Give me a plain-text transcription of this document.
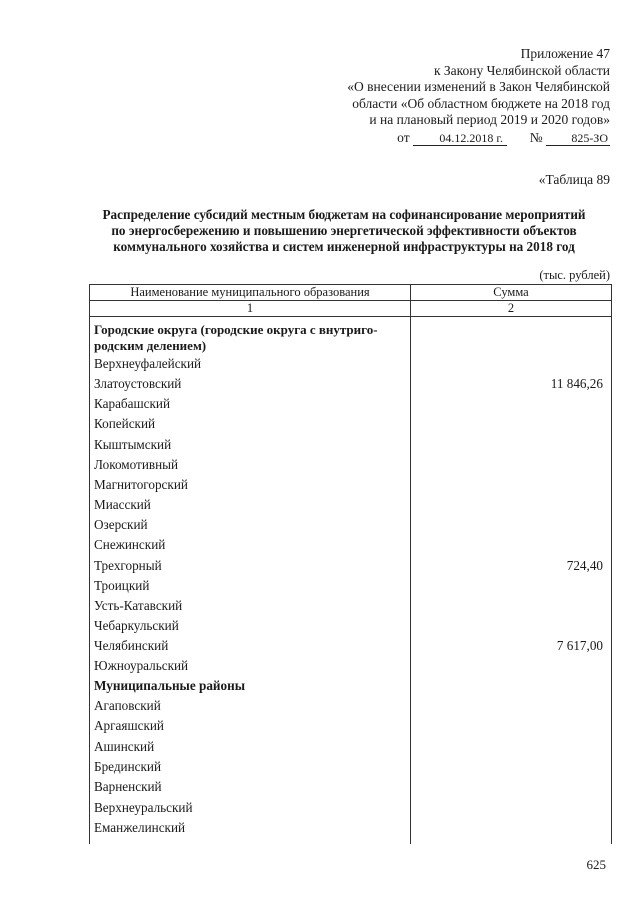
Приложение 47
к Закону Челябинской области
«О внесении изменений в Закон Челябинской
области «Об областном бюджете на 2018 год
и на плановый период 2019 и 2020 годов»
от 04.12.2018 г. № 825-ЗО
«Таблица 89
Распределение субсидий местным бюджетам на софинансирование мероприятий
по энергосбережению и повышению энергетической эффективности объектов
коммунального хозяйства и систем инженерной инфраструктуры на 2018 год
(тыс. рублей)
Наименование муниципального образования	Сумма
1	2
Городские округа (городские округа с внутриго-
родским делением)
Верхнеуфалейский
Златоустовский	11 846,26
Карабашский
Копейский
Кыштымский
Локомотивный
Магнитогорский
Миасский
Озерский
Снежинский
Трехгорный	724,40
Троицкий
Усть-Катавский
Чебаркульский
Челябинский	7 617,00
Южноуральский
Муниципальные районы
Агаповский
Аргаяшский
Ашинский
Брединский
Варненский
Верхнеуральский
Еманжелинский
625
